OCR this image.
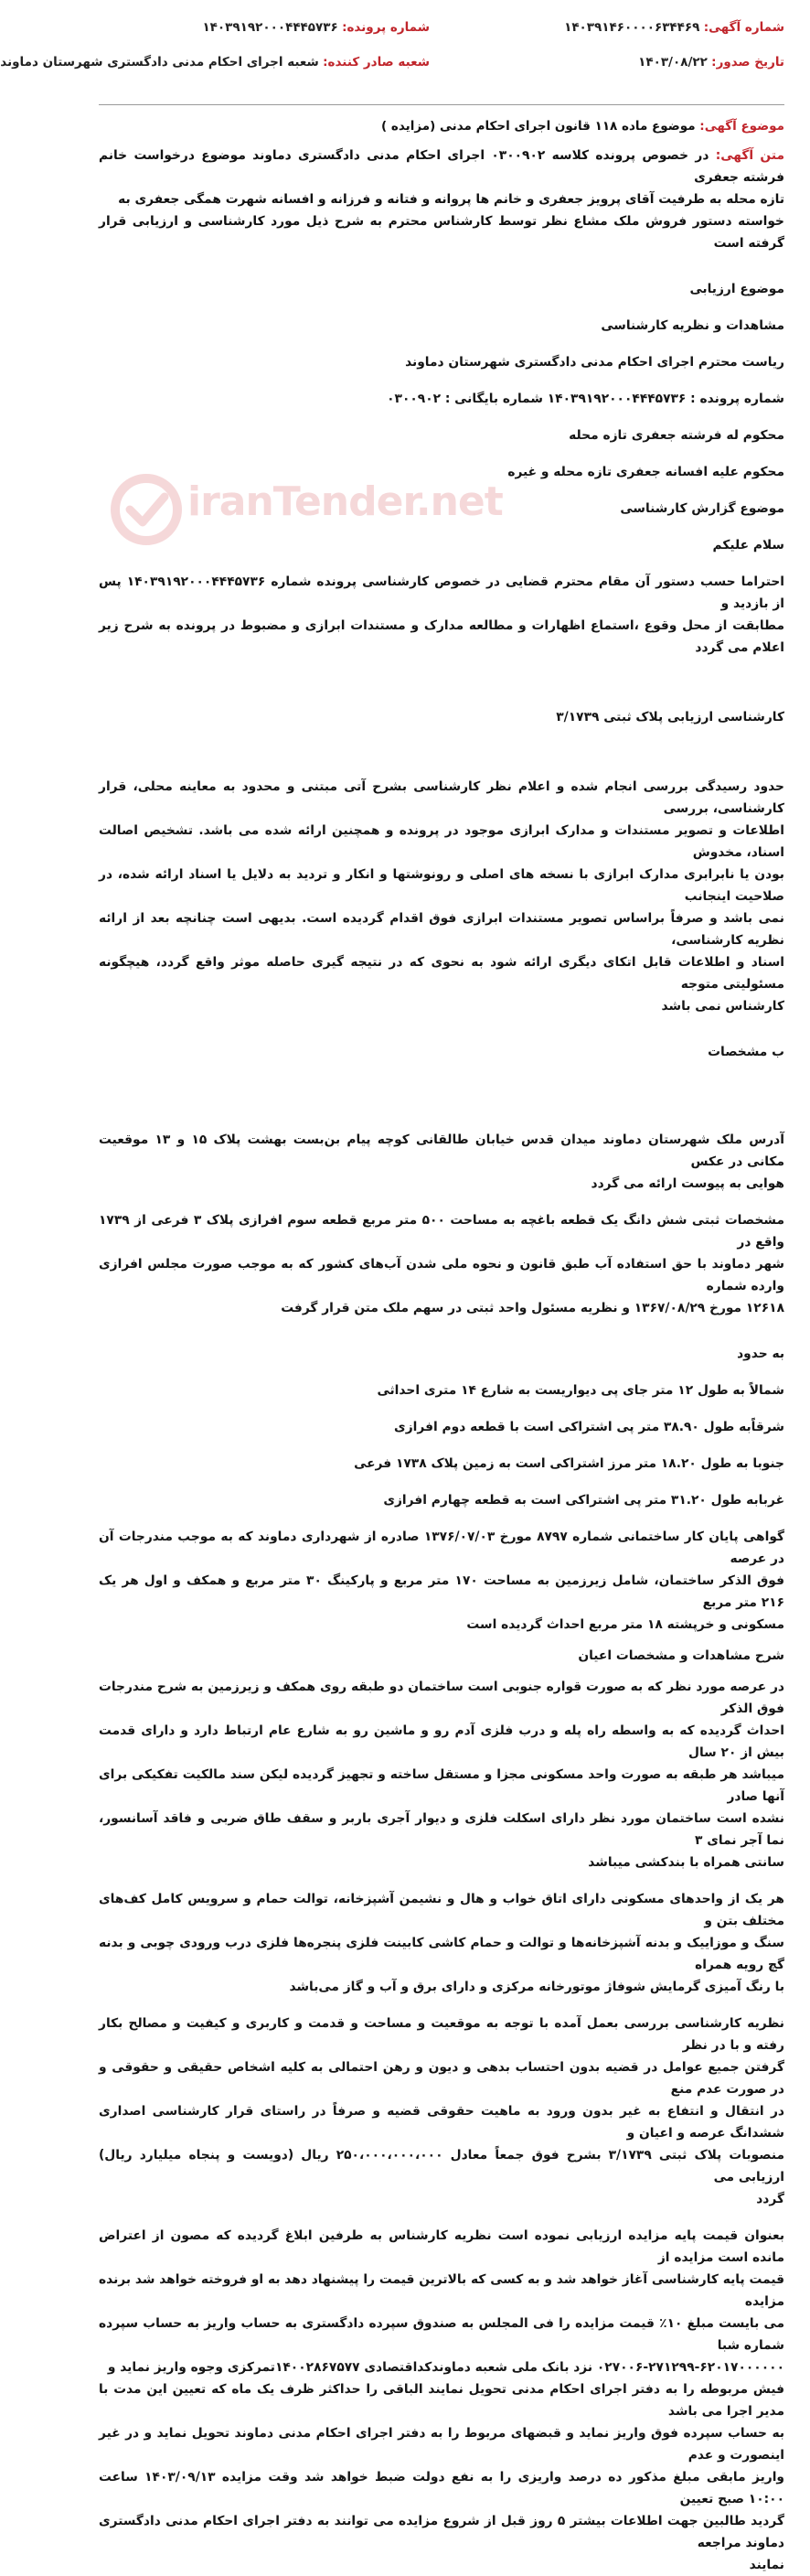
شماره آگهی: ۱۴۰۳۹۱۴۶۰۰۰۰۶۳۴۴۶۹
تاریخ صدور: ۱۴۰۳/۰۸/۲۲
شماره پرونده: ۱۴۰۳۹۱۹۲۰۰۰۴۴۴۵۷۳۶
شعبه صادر کننده: شعبه اجرای احکام مدنی دادگستری شهرستان دماوند
موضوع آگهی: موضوع ماده ۱۱۸ قانون اجرای احکام مدنی (مزایده )
متن آگهی: در خصوص پرونده کلاسه ۰۳۰۰۹۰۲ اجرای احکام مدنی دادگستری دماوند موضوع درخواست خانم فرشته جعفری
تازه محله به طرفیت آقای پرویز جعفری و خانم ها پروانه و فتانه و فرزانه و افسانه شهرت همگی جعفری به
خواسته دستور فروش ملک مشاع نظر توسط کارشناس محترم به شرح ذیل مورد کارشناسی و ارزیابی قرار گرفته است
موضوع ارزیابی
مشاهدات و نظریه کارشناسی
ریاست محترم اجرای احکام مدنی دادگستری شهرستان دماوند
شماره پرونده : ۱۴۰۳۹۱۹۲۰۰۰۴۴۴۵۷۳۶ شماره بایگانی : ۰۳۰۰۹۰۲
محکوم له فرشته جعفری تازه محله
محکوم علیه افسانه جعفری تازه محله و غیره
موضوع گزارش کارشناسی
سلام علیکم
احتراما حسب دستور آن مقام محترم قضایی در خصوص کارشناسی پرونده شماره ۱۴۰۳۹۱۹۲۰۰۰۴۴۴۵۷۳۶ پس از بازدید و
مطابقت از محل وقوع ،استماع اظهارات و مطالعه مدارک و مستندات ابرازی و مضبوط در پرونده به شرح زیر اعلام می گردد
کارشناسی ارزیابی پلاک ثبتی ۳/۱۷۳۹
حدود رسیدگی بررسی انجام شده و اعلام نظر کارشناسی بشرح آتی مبتنی و محدود به معاینه محلی، قرار کارشناسی، بررسی
اطلاعات و تصویر مستندات و مدارک ابرازی موجود در پرونده و همچنین ارائه شده می باشد. تشخیص اصالت اسناد، مخدوش
بودن یا نابرابری مدارک ابرازی با نسخه های اصلی و رونوشتها و انکار و تردید به دلایل یا اسناد ارائه شده، در صلاحیت اینجانب
نمی باشد و صرفاً براساس تصویر مستندات ابرازی فوق اقدام گردیده است. بدیهی است چنانچه بعد از ارائه نظریه کارشناسی،
اسناد و اطلاعات قابل اتکای دیگری ارائه شود به نحوی که در نتیجه گیری حاصله موثر واقع گردد، هیچگونه مسئولیتی متوجه
کارشناس نمی باشد
ب مشخصات
آدرس ملک شهرستان دماوند میدان قدس خیابان طالقانی کوچه پیام بن‌بست بهشت پلاک ۱۵ و ۱۳ موقعیت مکانی در عکس
هوایی به پیوست ارائه می گردد
مشخصات ثبتی شش دانگ یک قطعه باغچه به مساحت ۵۰۰ متر مربع قطعه سوم افرازی پلاک ۳ فرعی از ۱۷۳۹ واقع در
شهر دماوند با حق استفاده آب طبق قانون و نحوه ملی شدن آب‌های کشور که به موجب صورت مجلس افرازی وارده شماره
۱۲۶۱۸ مورخ ۱۳۶۷/۰۸/۲۹ و نظریه مسئول واحد ثبتی در سهم ملک متن قرار گرفت
به حدود
شمالاً به طول ۱۲ متر جای پی دیواریست به شارع ۱۴ متری احداثی
شرقاًبه طول ۳۸.۹۰ متر پی اشتراکی است با قطعه دوم افرازی
جنوبا به طول ۱۸.۲۰ متر مرز اشتراکی است به زمین پلاک ۱۷۳۸ فرعی
غربابه طول ۳۱.۲۰ متر پی اشتراکی است به قطعه چهارم افرازی
گواهی پایان کار ساختمانی شماره ۸۷۹۷ مورخ ۱۳۷۶/۰۷/۰۳ صادره از شهرداری دماوند که به موجب مندرجات آن در عرصه
فوق الذکر ساختمان، شامل زیرزمین به مساحت ۱۷۰ متر مربع و پارکینگ ۳۰ متر مربع و همکف و اول هر یک ۲۱۶ متر مربع
مسکونی و خرپشته ۱۸ متر مربع احداث گردیده است
شرح مشاهدات و مشخصات اعیان
در عرصه مورد نظر که به صورت قواره جنوبی است ساختمان دو طبقه روی همکف و زیرزمین به شرح مندرجات فوق الذکر
احداث گردیده که به واسطه راه پله و درب فلزی آدم رو و ماشین رو به شارع عام ارتباط دارد و دارای قدمت بیش از ۲۰ سال
میباشد هر طبقه به صورت واحد مسکونی مجزا و مستقل ساخته و تجهیز گردیده لیکن سند مالکیت تفکیکی برای آنها صادر
نشده است ساختمان مورد نظر دارای اسکلت فلزی و دیوار آجری باربر و سقف طاق ضربی و فاقد آسانسور، نما آجر نمای ۳
سانتی همراه با بندکشی میباشد
هر یک از واحدهای مسکونی دارای اتاق خواب و هال و نشیمن آشپزخانه، توالت حمام و سرویس کامل کف‌های مختلف بتن و
سنگ و موزاییک و بدنه آشپزخانه‌ها و توالت و حمام کاشی کابینت فلزی پنجره‌ها فلزی درب ورودی چوبی و بدنه گچ رویه همراه
با رنگ آمیزی گرمایش شوفاژ موتورخانه مرکزی و دارای برق و آب و گاز می‌باشد
نظریه کارشناسی بررسی بعمل آمده با توجه به موقعیت و مساحت و قدمت و کاربری و کیفیت و مصالح بکار رفته و با در نظر
گرفتن جمیع عوامل در قضیه بدون احتساب بدهی و دیون و رهن احتمالی به کلیه اشخاص حقیقی و حقوقی و در صورت عدم منع
در انتقال و انتفاع به غیر بدون ورود به ماهیت حقوقی قضیه و صرفاً در راستای قرار کارشناسی اصداری ششدانگ عرصه و اعیان و
منصوبات پلاک ثبتی ۳/۱۷۳۹ بشرح فوق جمعاً معادل ۲۵۰،۰۰۰،۰۰۰،۰۰۰ ریال (دویست و پنجاه میلیارد ریال) ارزیابی می
گردد
بعنوان قیمت پایه مزایده ارزیابی نموده است نظریه کارشناس به طرفین ابلاغ گردیده که مصون از اعتراض مانده است مزایده از
قیمت پایه کارشناسی آغاز خواهد شد و به کسی که بالاترین قیمت را پیشنهاد دهد به او فروخته خواهد شد برنده مزایده
می بایست مبلغ ۱۰٪ قیمت مزایده را فی المجلس به صندوق سپرده دادگستری به حساب واریز به حساب سپرده شماره شبا
۰۲۷۰۰۶-۲۷۱۲۹۹-۶۲۰۱۷۰۰۰۰۰۰ نزد بانک ملی شعبه دماوندکداقتصادی ۱۴۰۰۲۸۶۷۵۷۷تمرکزی وجوه واریز نماید و
فیش مربوطه را به دفتر اجرای احکام مدنی تحویل نمایند الباقی را حداکثر ظرف یک ماه که تعیین این مدت با مدیر اجرا می باشد
به حساب سپرده فوق واریز نماید و قبضهای مربوط را به دفتر اجرای احکام مدنی دماوند تحویل نماید و در غیر اینصورت و عدم
واریز مابقی مبلغ مذکور ده درصد واریزی را به نفع دولت ضبط خواهد شد وقت مزایده ۱۴۰۳/۰۹/۱۳ ساعت ۱۰:۰۰ صبح تعیین
گردید طالبین جهت اطلاعات بیشتر ۵ روز قبل از شروع مزایده می توانند به دفتر اجرای احکام مدنی دادگستری دماوند مراجعه
نمایند
iranTender.net
